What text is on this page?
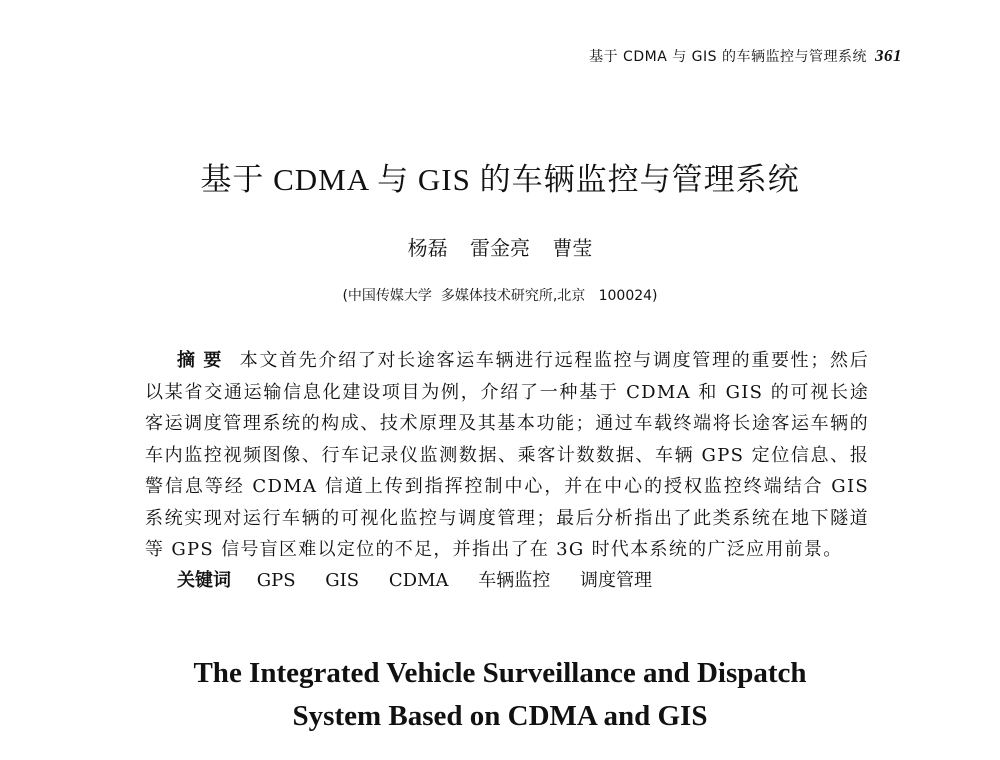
基于 CDMA 与 GIS 的车辆监控与管理系统 361
基于 CDMA 与 GIS 的车辆监控与管理系统
杨磊 雷金亮 曹莹
(中国传媒大学  多媒体技术研究所,北京   100024)

摘要 本文首先介绍了对长途客运车辆进行远程监控与调度管理的重要性；然后以某省交通运输信息化建设项目为例，介绍了一种基于 CDMA 和 GIS 的可视长途客运调度管理系统的构成、技术原理及其基本功能；通过车载终端将长途客运车辆的车内监控视频图像、行车记录仪监测数据、乘客计数数据、车辆 GPS 定位信息、报警信息等经 CDMA 信道上传到指挥控制中心，并在中心的授权监控终端结合 GIS 系统实现对运行车辆的可视化监控与调度管理；最后分析指出了此类系统在地下隧道等 GPS 信号盲区难以定位的不足，并指出了在 3G 时代本系统的广泛应用前景。

关键词 GPS GIS CDMA 车辆监控 调度管理
The Integrated Vehicle Surveillance and Dispatch
System Based on CDMA and GIS
